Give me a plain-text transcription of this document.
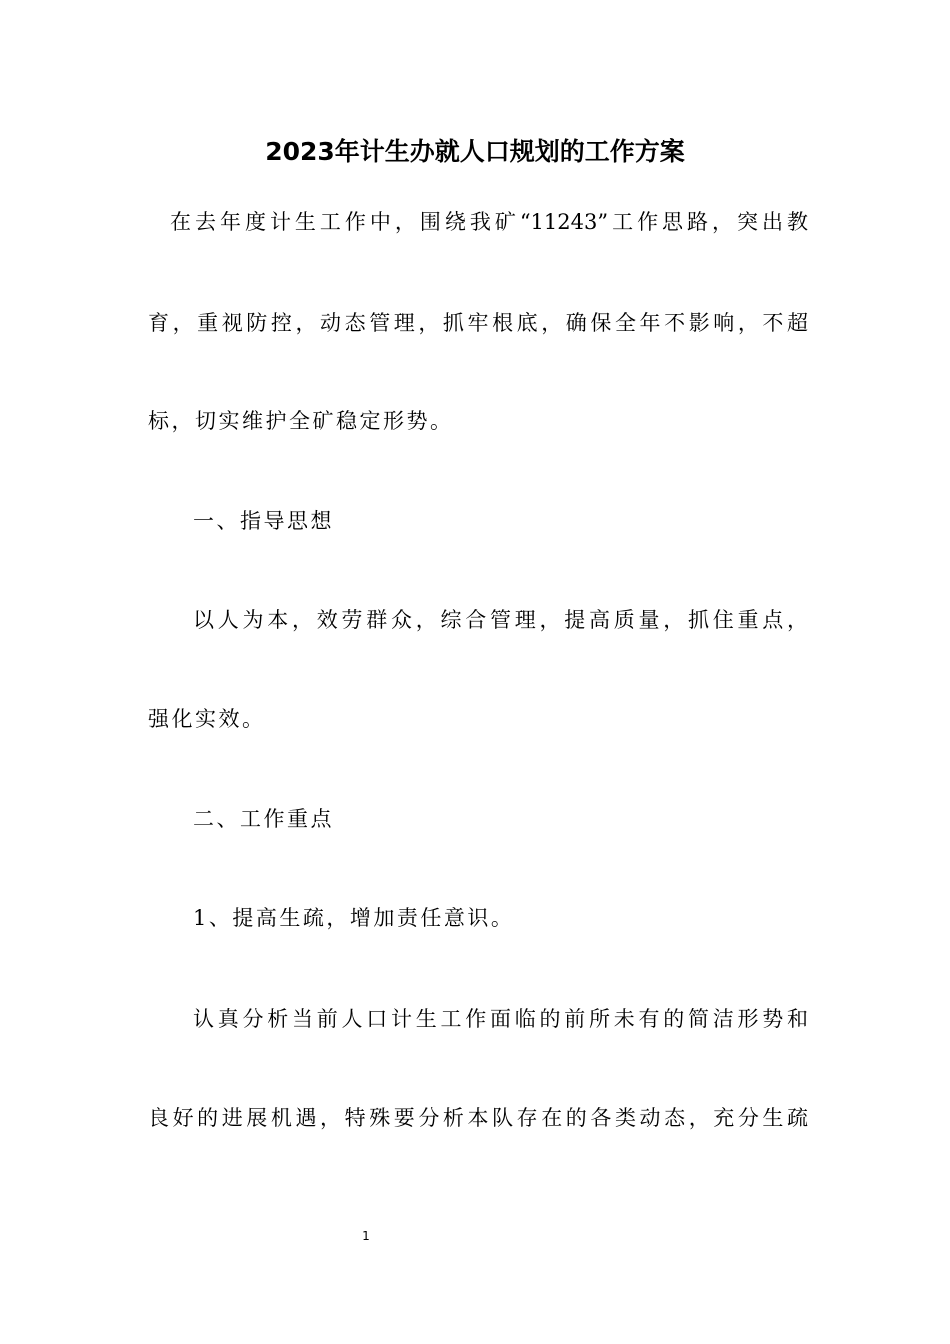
2023年计生办就人口规划的工作方案
在去年度计生工作中，围绕我矿“11243”工作思路，突出教
育，重视防控，动态管理，抓牢根底，确保全年不影响，不超
标，切实维护全矿稳定形势。
一、指导思想
以人为本，效劳群众，综合管理，提高质量，抓住重点，
强化实效。
二、工作重点
1、提高生疏，增加责任意识。
认真分析当前人口计生工作面临的前所未有的简洁形势和
良好的进展机遇，特殊要分析本队存在的各类动态，充分生疏
1
